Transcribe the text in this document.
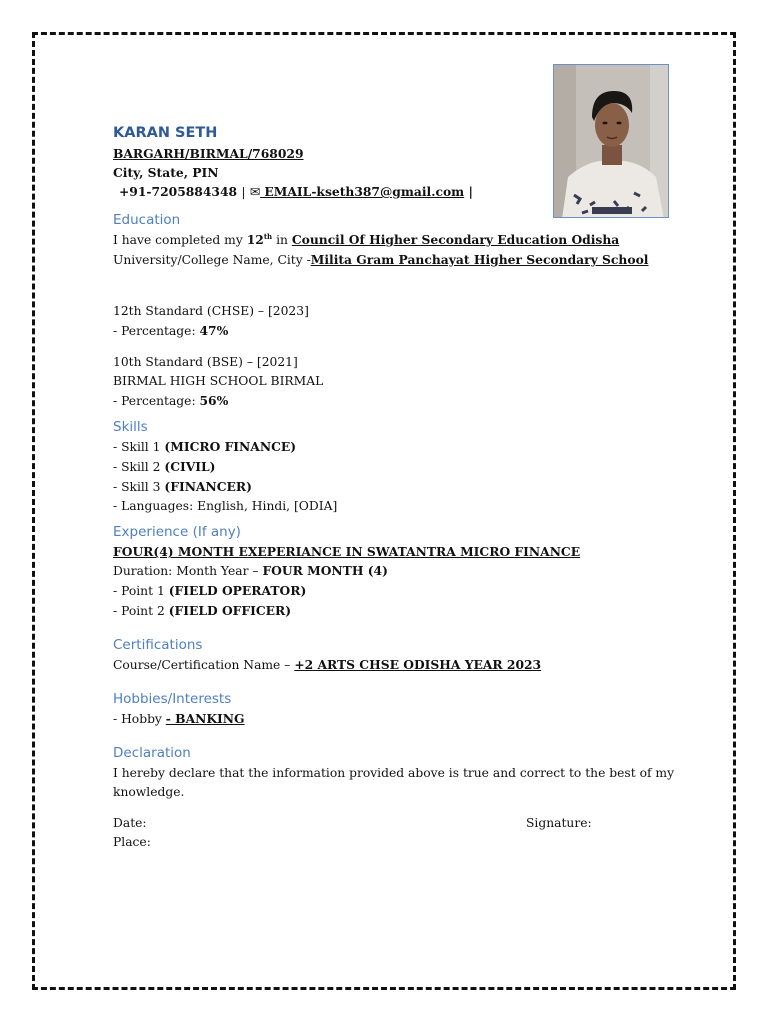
KARAN SETH

BARGARH/BIRMAL/768029

City, State, PIN

+91-7205884348 | ✉ EMAIL-kseth387@gmail.com |

Education

I have completed my 12th in Council Of Higher Secondary Education Odisha

University/College Name, City -Milita Gram Panchayat Higher Secondary School

12th Standard (CHSE) – [2023]

- Percentage: 47%

10th Standard (BSE) – [2021]

BIRMAL HIGH SCHOOL BIRMAL

- Percentage: 56%

Skills

- Skill 1 (MICRO FINANCE)

- Skill 2 (CIVIL)

- Skill 3 (FINANCER)

- Languages: English, Hindi, [ODIA]

Experience (If any)

FOUR(4) MONTH EXEPERIANCE IN SWATANTRA MICRO FINANCE

Duration: Month Year – FOUR MONTH (4)

- Point 1 (FIELD OPERATOR)

- Point 2 (FIELD OFFICER)

Certifications

Course/Certification Name – +2 ARTS CHSE ODISHA YEAR 2023

Hobbies/Interests

- Hobby - BANKING

Declaration

I hereby declare that the information provided above is true and correct to the best of my

knowledge.

Date:	Signature:

Place:
